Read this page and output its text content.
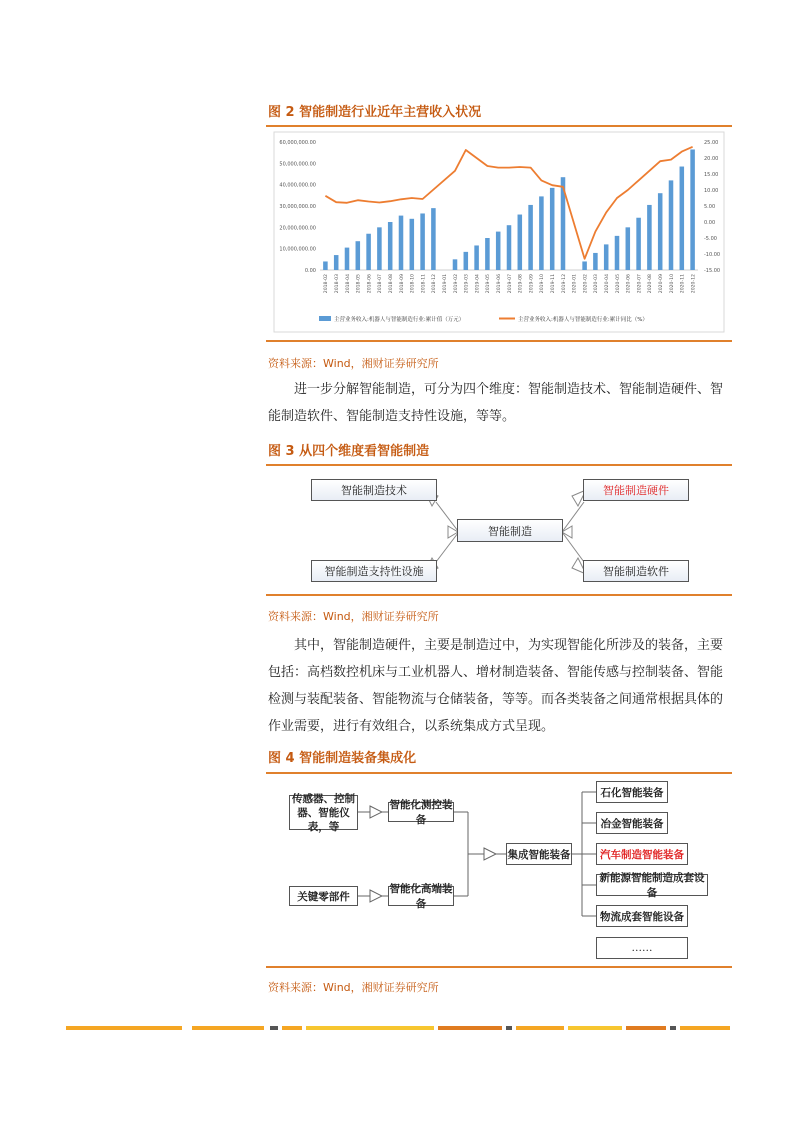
图 2 智能制造行业近年主营收入状况
0.00
10,000,000.00
20,000,000.00
30,000,000.00
40,000,000.00
50,000,000.00
60,000,000.00
-15.00
-10.00
-5.00
0.00
5.00
10.00
15.00
20.00
25.00
2018-02 2018-03 2018-04 2018-05 2018-06 2018-07 2018-08 2018-09 2018-10 2018-11 2018-12 2019-01 2019-02 2019-03 2019-04 2019-05 2019-06 2019-07 2019-08 2019-09 2019-10 2019-11 2019-12 2020-01 2020-02 2020-03 2020-04 2020-05 2020-06 2020-07 2020-08 2020-09 2020-10 2020-11 2020-12
主营业务收入:机器人与智能制造行业:累计值（万元）	主营业务收入:机器人与智能制造行业:累计同比（%）
资料来源：Wind，湘财证券研究所
进一步分解智能制造，可分为四个维度：智能制造技术、智能制造硬件、智能制造软件、智能制造支持性设施，等等。
图 3 从四个维度看智能制造
智能制造技术	智能制造硬件
智能制造
智能制造支持性设施	智能制造软件
资料来源：Wind，湘财证券研究所
其中，智能制造硬件，主要是制造过中，为实现智能化所涉及的装备，主要包括：高档数控机床与工业机器人、增材制造装备、智能传感与控制装备、智能检测与装配装备、智能物流与仓储装备，等等。而各类装备之间通常根据具体的作业需要，进行有效组合，以系统集成方式呈现。
图 4 智能制造装备集成化
传感器、控制器、智能仪表，等
关键零部件
智能化测控装备
智能化高端装备
集成智能装备
石化智能装备
冶金智能装备
汽车制造智能装备
新能源智能制造成套设备
物流成套智能设备
……
资料来源：Wind，湘财证券研究所
